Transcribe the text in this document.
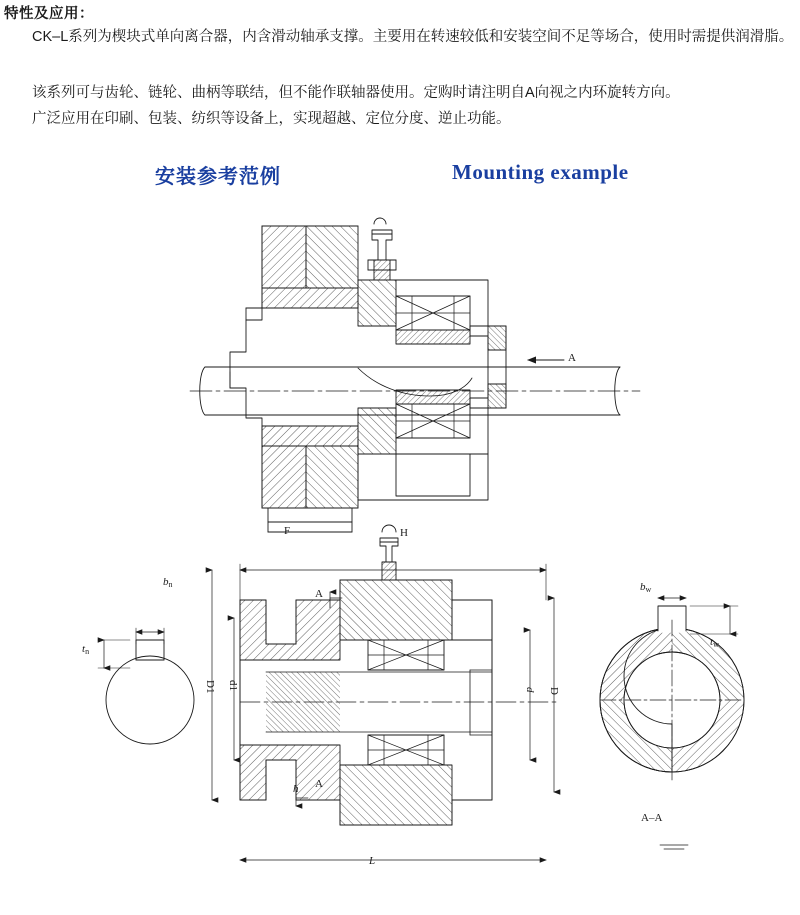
特性及应用：
CK–L系列为楔块式单向离合器，内含滑动轴承支撑。主要用在转速较低和安装空间不足等场合，使用时需提供润滑脂。
该系列可与齿轮、链轮、曲柄等联结，但不能作联轴器使用。定购时请注明自A向视之内环旋转方向。
广泛应用在印刷、包装、纺织等设备上，实现超越、定位分度、逆止功能。
安装参考范例	Mounting example
A
F	H
$b_n$
$t_n$
D1 d1
A
A
h
L
d D
$b_w$
$t_w$
A–A
